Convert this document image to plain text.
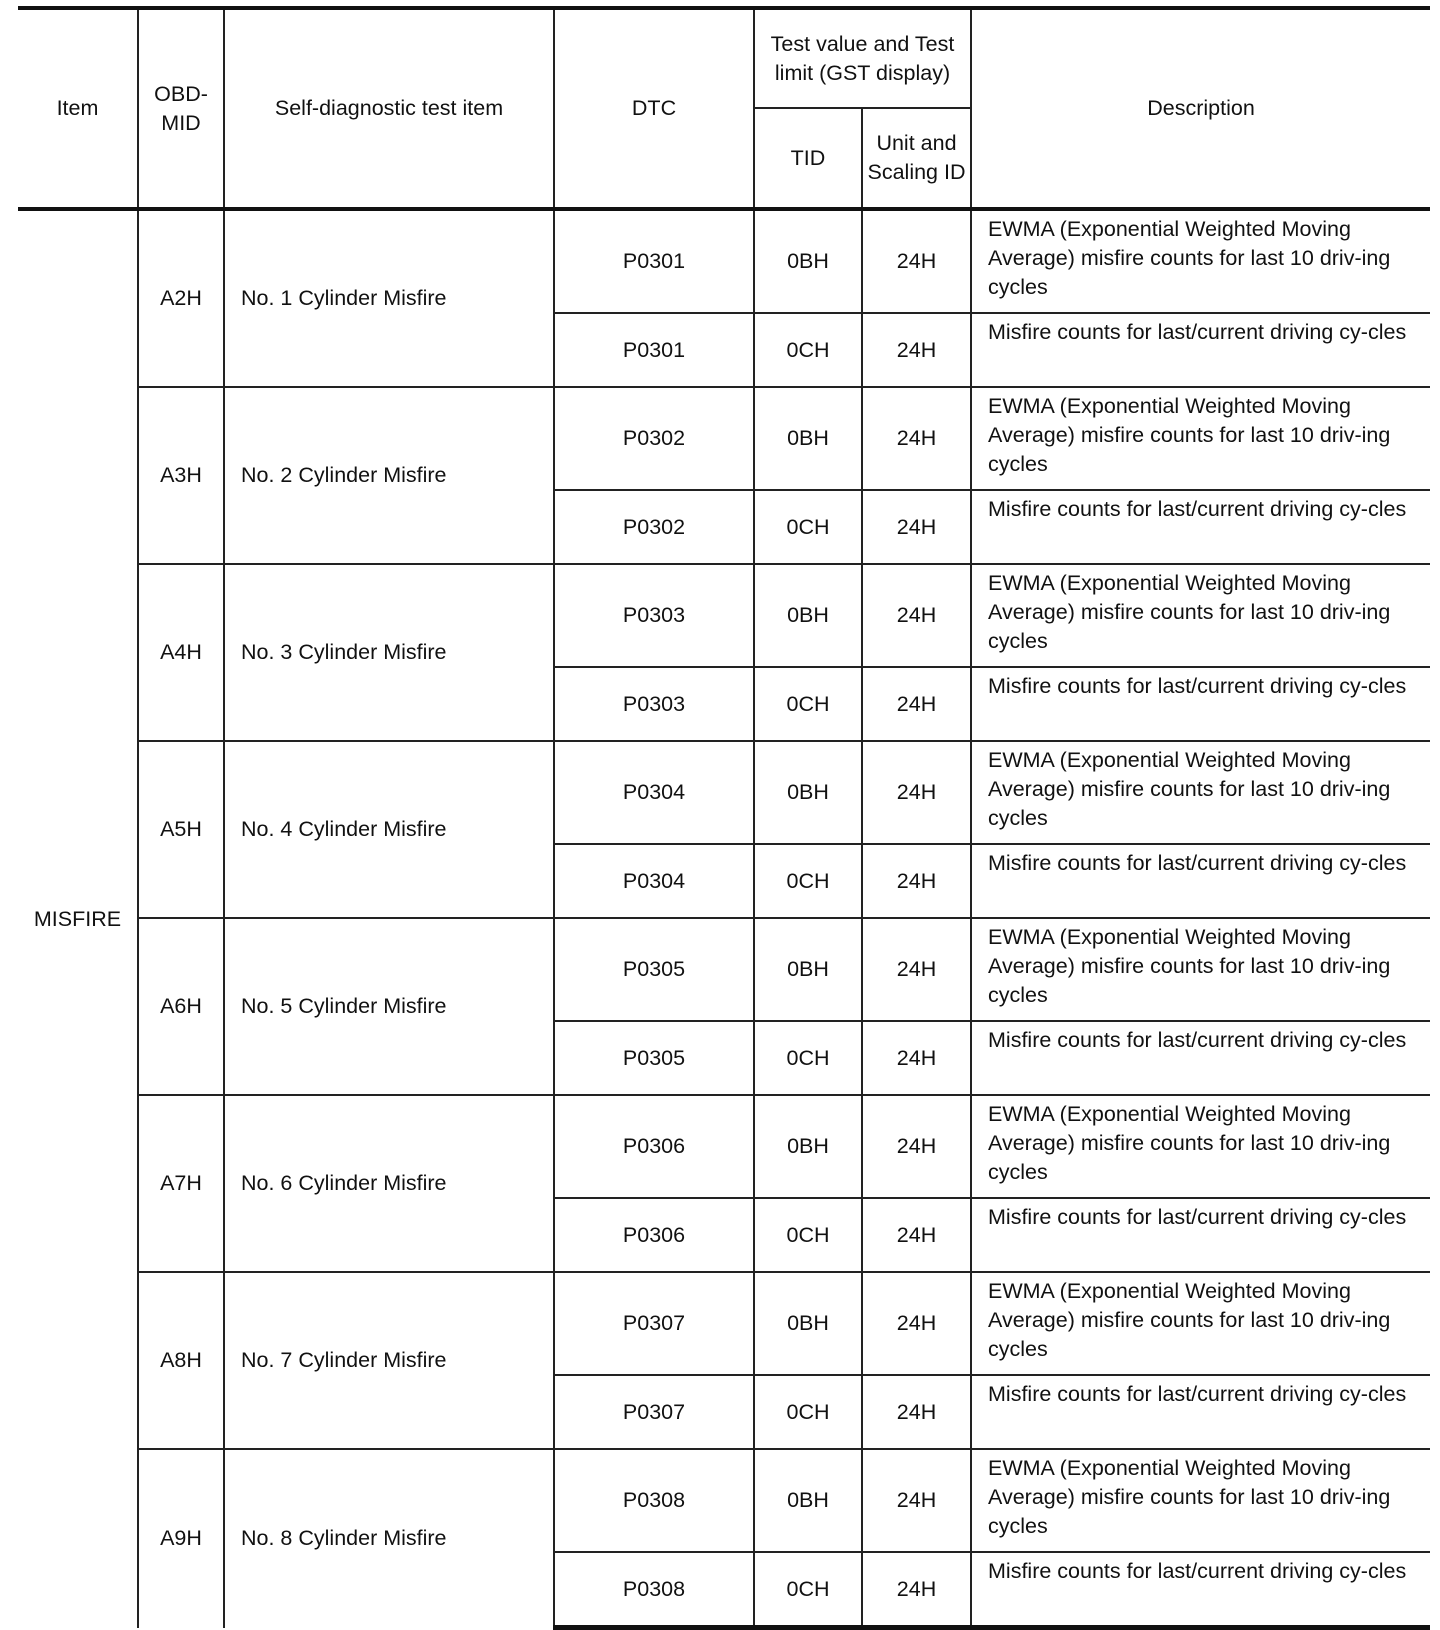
Item	OBD-MID	Self-diagnostic test item	DTC	Test value and Test limit (GST display)		Description
				TID	Unit and Scaling ID	
MISFIRE	A2H	No. 1 Cylinder Misfire	P0301	0BH	24H	EWMA (Exponential Weighted Moving Average) misfire counts for last 10 driv-ing cycles
			P0301	0CH	24H	Misfire counts for last/current driving cy-cles
	A3H	No. 2 Cylinder Misfire	P0302	0BH	24H	EWMA (Exponential Weighted Moving Average) misfire counts for last 10 driv-ing cycles
			P0302	0CH	24H	Misfire counts for last/current driving cy-cles
	A4H	No. 3 Cylinder Misfire	P0303	0BH	24H	EWMA (Exponential Weighted Moving Average) misfire counts for last 10 driv-ing cycles
			P0303	0CH	24H	Misfire counts for last/current driving cy-cles
	A5H	No. 4 Cylinder Misfire	P0304	0BH	24H	EWMA (Exponential Weighted Moving Average) misfire counts for last 10 driv-ing cycles
			P0304	0CH	24H	Misfire counts for last/current driving cy-cles
	A6H	No. 5 Cylinder Misfire	P0305	0BH	24H	EWMA (Exponential Weighted Moving Average) misfire counts for last 10 driv-ing cycles
			P0305	0CH	24H	Misfire counts for last/current driving cy-cles
	A7H	No. 6 Cylinder Misfire	P0306	0BH	24H	EWMA (Exponential Weighted Moving Average) misfire counts for last 10 driv-ing cycles
			P0306	0CH	24H	Misfire counts for last/current driving cy-cles
	A8H	No. 7 Cylinder Misfire	P0307	0BH	24H	EWMA (Exponential Weighted Moving Average) misfire counts for last 10 driv-ing cycles
			P0307	0CH	24H	Misfire counts for last/current driving cy-cles
	A9H	No. 8 Cylinder Misfire	P0308	0BH	24H	EWMA (Exponential Weighted Moving Average) misfire counts for last 10 driv-ing cycles
			P0308	0CH	24H	Misfire counts for last/current driving cy-cles
